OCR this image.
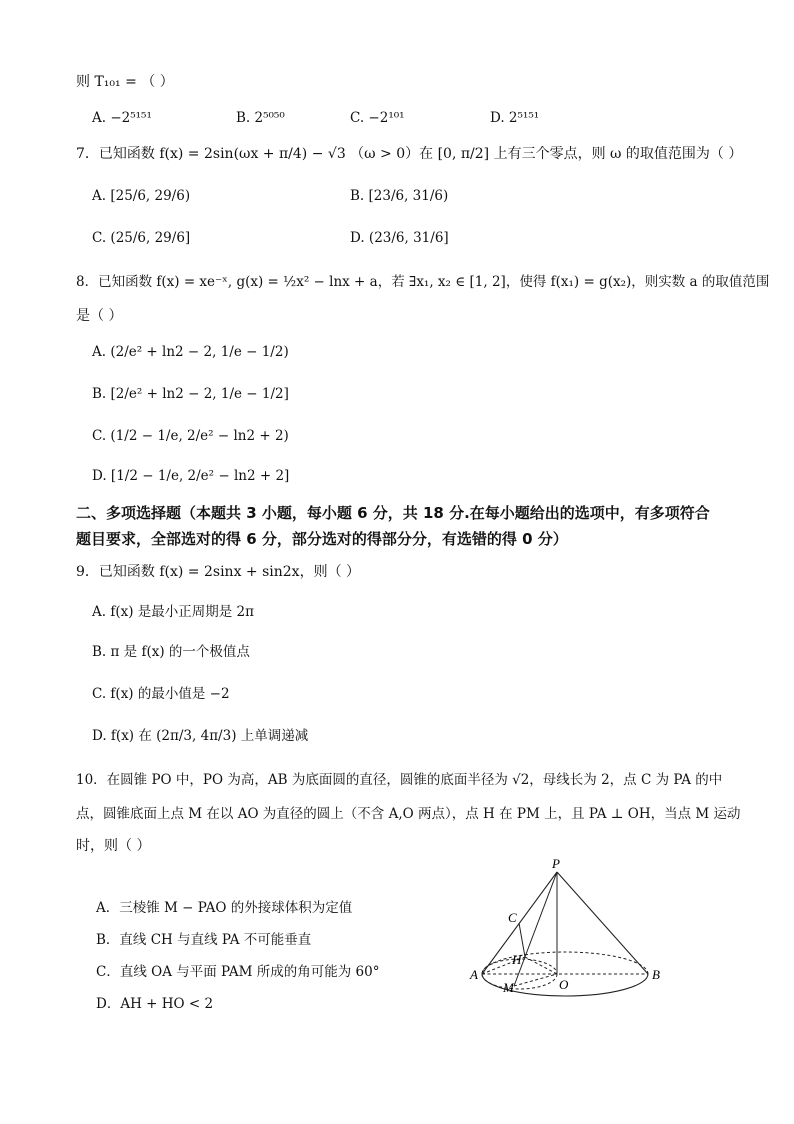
则 T₁₀₁ = （ ）
A. −2⁵¹⁵¹	B. 2⁵⁰⁵⁰	C. −2¹⁰¹	D. 2⁵¹⁵¹
7．已知函数 f(x) = 2sin(ωx + π/4) − √3 （ω > 0）在 [0, π/2] 上有三个零点，则 ω 的取值范围为（ ）
A. [25/6, 29/6)	B. [23/6, 31/6)
C. (25/6, 29/6]	D. (23/6, 31/6]
8．已知函数 f(x) = xe⁻ˣ, g(x) = ½x² − lnx + a，若 ∃x₁, x₂ ∈ [1, 2]，使得 f(x₁) = g(x₂)，则实数 a 的取值范围
是（ ）
A. (2/e² + ln2 − 2, 1/e − 1/2)
B. [2/e² + ln2 − 2, 1/e − 1/2]
C. (1/2 − 1/e, 2/e² − ln2 + 2)
D. [1/2 − 1/e, 2/e² − ln2 + 2]
二、多项选择题（本题共 3 小题，每小题 6 分，共 18 分.在每小题给出的选项中，有多项符合
题目要求，全部选对的得 6 分，部分选对的得部分分，有选错的得 0 分）
9．已知函数 f(x) = 2sinx + sin2x，则（ ）
A. f(x) 是最小正周期是 2π
B. π 是 f(x) 的一个极值点
C. f(x) 的最小值是 −2
D. f(x) 在 (2π/3, 4π/3) 上单调递减
10．在圆锥 PO 中，PO 为高，AB 为底面圆的直径，圆锥的底面半径为 √2，母线长为 2，点 C 为 PA 的中
点，圆锥底面上点 M 在以 AO 为直径的圆上（不含 A,O 两点），点 H 在 PM 上，且 PA ⊥ OH，当点 M 运动
时，则（ ）
A．三棱锥 M − PAO 的外接球体积为定值
B．直线 CH 与直线 PA 不可能垂直
C．直线 OA 与平面 PAM 所成的角可能为 60°
D．AH + HO < 2
P
C
H
A
M	O
B
